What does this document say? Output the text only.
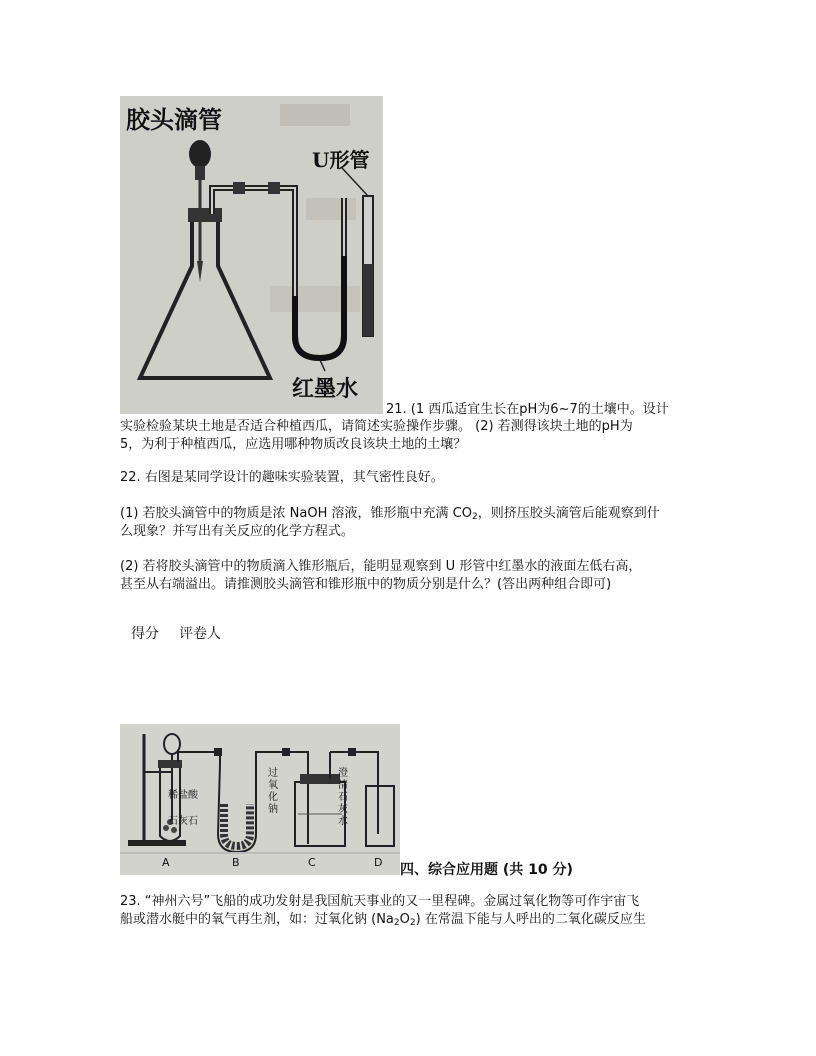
胶头滴管
U形管
红墨水
21. (1 西瓜适宜生长在pH为6~7的土壤中。设计
实验检验某块土地是否适合种植西瓜，请简述实验操作步骤。 (2) 若测得该块土地的pH为
5，为利于种植西瓜，应选用哪种物质改良该块土地的土壤？
22. 右图是某同学设计的趣味实验装置，其气密性良好。
(1) 若胶头滴管中的物质是浓 NaOH 溶液，锥形瓶中充满 $CO_2$，则挤压胶头滴管后能观察到什
么现象？并写出有关反应的化学方程式。
(2) 若将胶头滴管中的物质滴入锥形瓶后，能明显观察到 U 形管中红墨水的液面左低右高，
甚至从右端溢出。请推测胶头滴管和锥形瓶中的物质分别是什么？(答出两种组合即可)
得分 评卷人
稀盐酸
石灰石
过氧化钠
澄清石灰水
A	B	C	D 四、综合应用题 (共 10 分)
23. “神州六号”飞船的成功发射是我国航天事业的又一里程碑。金属过氧化物等可作宇宙飞
船或潜水艇中的氧气再生剂，如：过氧化钠 $(Na_2O_2)$ 在常温下能与人呼出的二氧化碳反应生
